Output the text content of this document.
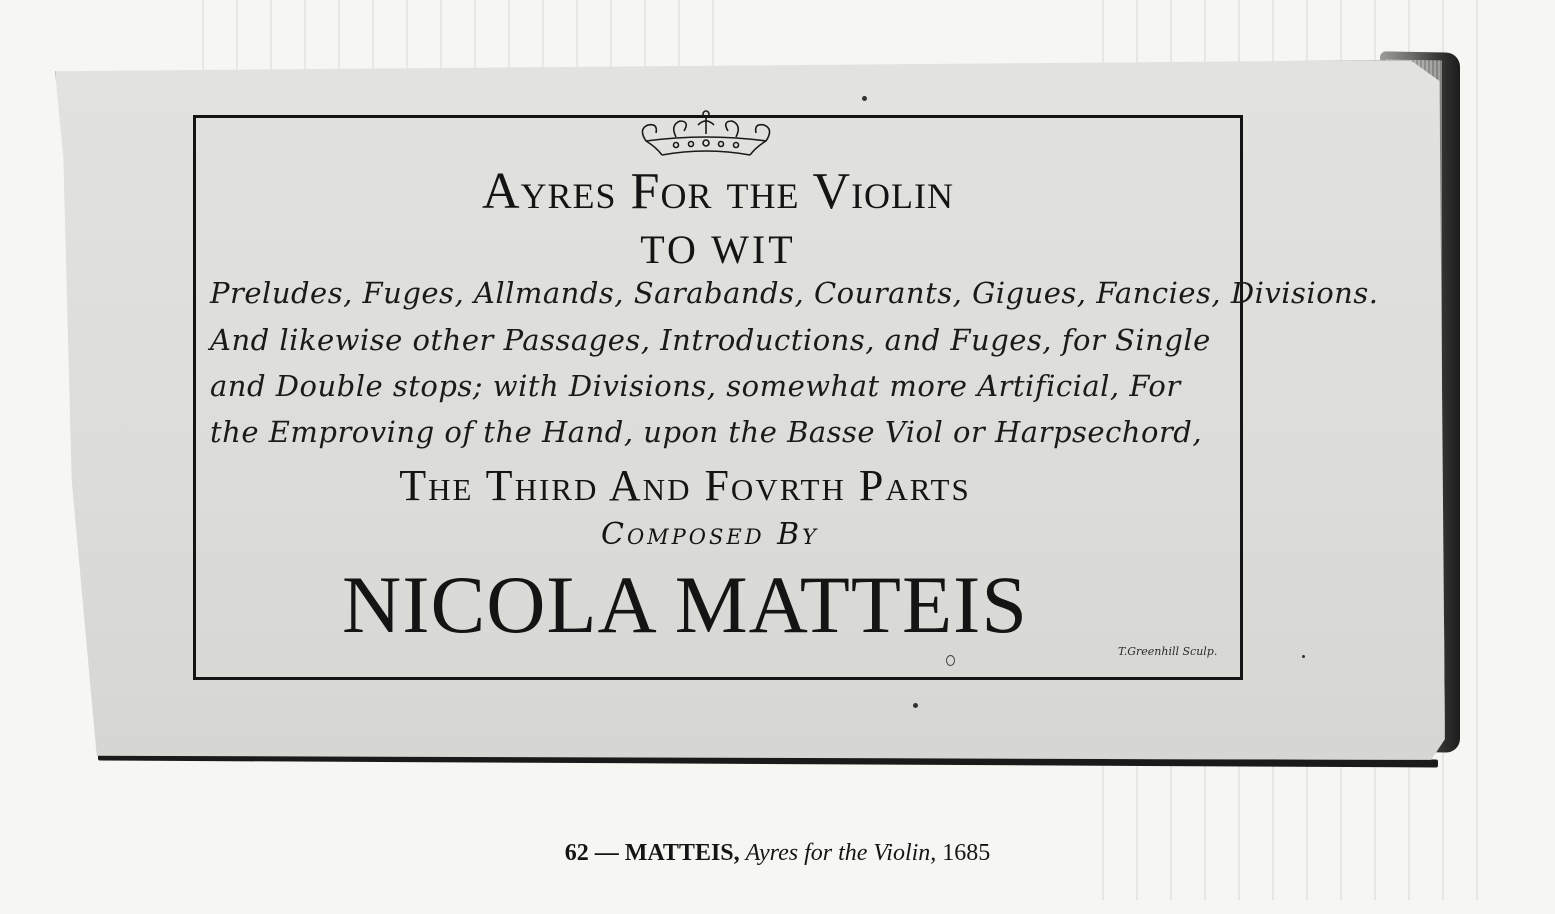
Ayres For the Violin
TO WIT
Preludes, Fuges, Allmands, Sarabands, Courants, Gigues, Fancies, Divisions.
And likewise other Passages, Introductions, and Fuges, for Single
and Double stops; with Divisions, somewhat more Artificial, For
the Emproving of the Hand, upon the Basse Viol or Harpsechord,
The Third And Fovrth Parts
Composed By
NICOLA MATTEIS
T.Greenhill Sculp.
62 — MATTEIS, Ayres for the Violin, 1685
